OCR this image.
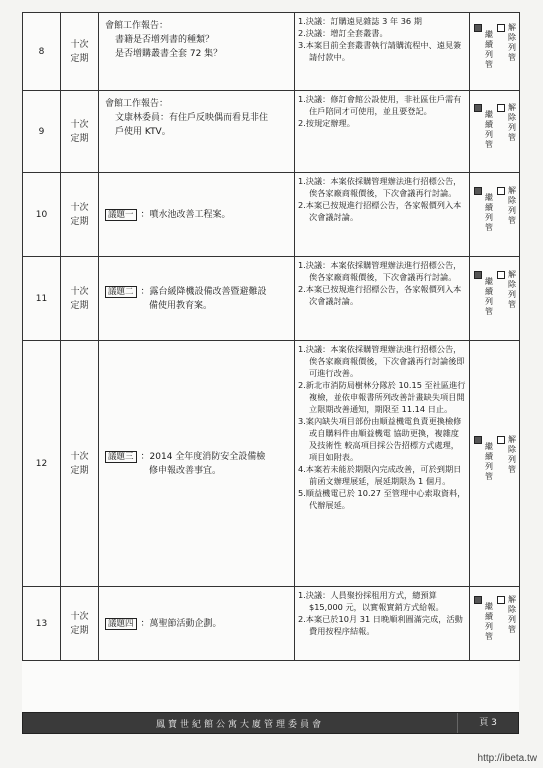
8	十次
定期	會館工作報告：
書籍是否增列書的種類？
是否增購叢書全套 72 集？	1.決議：訂購遠見雜誌 3 年 36 期
2.決議：增訂全套叢書。
3.本案目前全套叢書執行請購流程中、遠見簽請付款中。	解除列管
繼續列管

9	十次
定期	會館工作報告：
文康林委員：有住戶反映偶而看見非住
戶使用 KTV。	1.決議：修訂會館公設使用，非社區住戶需有住戶陪同才可使用，並且要登記。
2.按規定辦理。	解除列管
繼續列管

10	十次
定期	議題一 ：噴水池改善工程案。	1.決議：本案依採購管理辦法進行招標公告，俟各家廠商報價後，下次會議再行討論。
2.本案已按規進行招標公告，各家報價列入本次會議討論。	解除列管
繼續列管

11	十次
定期	議題二 ：露台緩降機設備改善暨避難設
備使用教育案。	1.決議：本案依採購管理辦法進行招標公告，俟各家廠商報價後，下次會議再行討論。
2.本案已按規進行招標公告，各家報價列入本次會議討論。	解除列管
繼續列管

12	十次
定期	議題三 ：2014 全年度消防安全設備檢
修申報改善事宜。	1.決議：本案依採購管理辦法進行招標公告，俟各家廠商報價後，下次會議再行討論後即可進行改善。
2.新北市消防局樹林分隊於 10.15 至社區進行複檢，並依申報書所列改善計畫缺失項目開立限期改善通知，期限至 11.14 日止。
3.案內缺失項目部份由順益機電負責更換檢修或自購料件由順益機電 協助更換，複雜度及技術性 較高項目採公告招標方式處理，項目如附表。
4.本案若未能於期限內完成改善，可於到期日前函文辦理展延，展延期限為 1 個月。
5.順益機電已於 10.27 至管理中心索取資料，代辦展延。	解除列管
繼續列管

13	十次
定期	議題四 ：萬聖節活動企劃。	1.決議：人員聚扮採租用方式，總預算$15,000 元，以實報實銷方式給報。
2.本案已於10月 31 日晚順利圓滿完成，活動費用按程序結報。	解除列管
繼續列管
鳳寶世紀館公寓大廈管理委員會	頁 3
http://ibeta.tw
